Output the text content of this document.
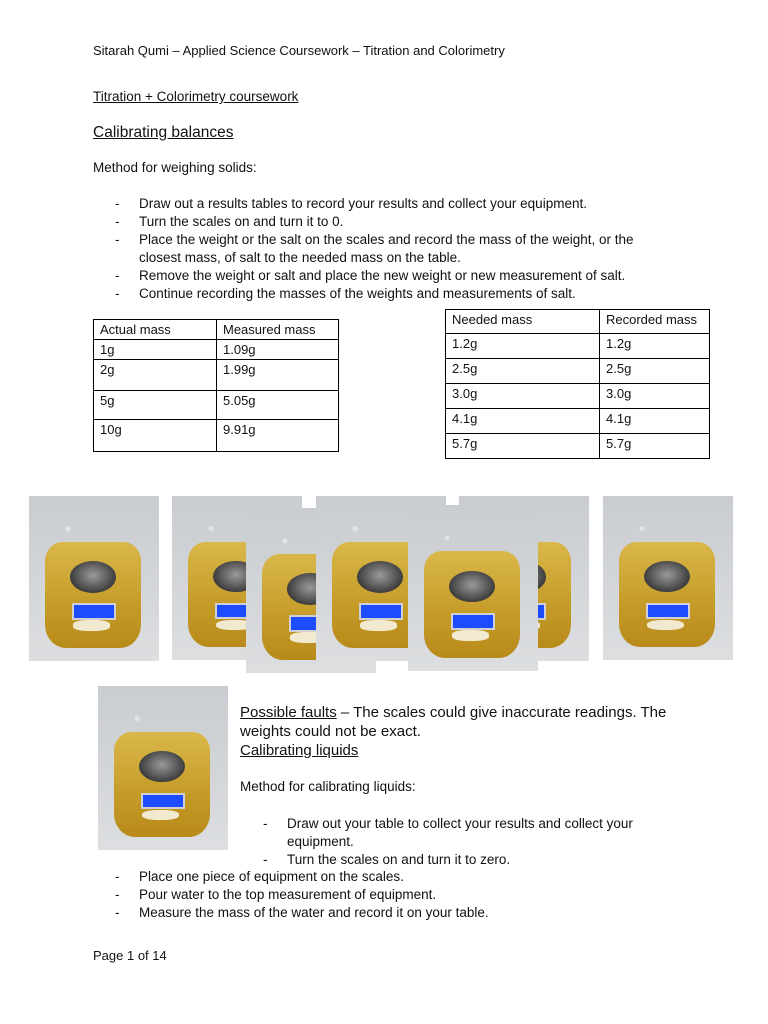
Sitarah Qumi – Applied Science Coursework – Titration and Colorimetry
Titration + Colorimetry coursework
Calibrating balances
Method for weighing solids:
- Draw out a results tables to record your results and collect your equipment.
- Turn the scales on and turn it to 0.
- Place the weight or the salt on the scales and record the mass of the weight, or the closest mass, of salt to the needed mass on the table.
- Remove the weight or salt and place the new weight or new measurement of salt.
- Continue recording the masses of the weights and measurements of salt.
Actual mass	Measured mass
1g	1.09g
2g	1.99g
5g	5.05g
10g	9.91g
Needed mass	Recorded mass
1.2g	1.2g
2.5g	2.5g
3.0g	3.0g
4.1g	4.1g
5.7g	5.7g
Possible faults – The scales could give inaccurate readings. The weights could not be exact.
Calibrating liquids
Method for calibrating liquids:
- Draw out your table to collect your results and collect your equipment.
- Turn the scales on and turn it to zero.
- Place one piece of equipment on the scales.
- Pour water to the top measurement of equipment.
- Measure the mass of the water and record it on your table.
Page 1 of 14
